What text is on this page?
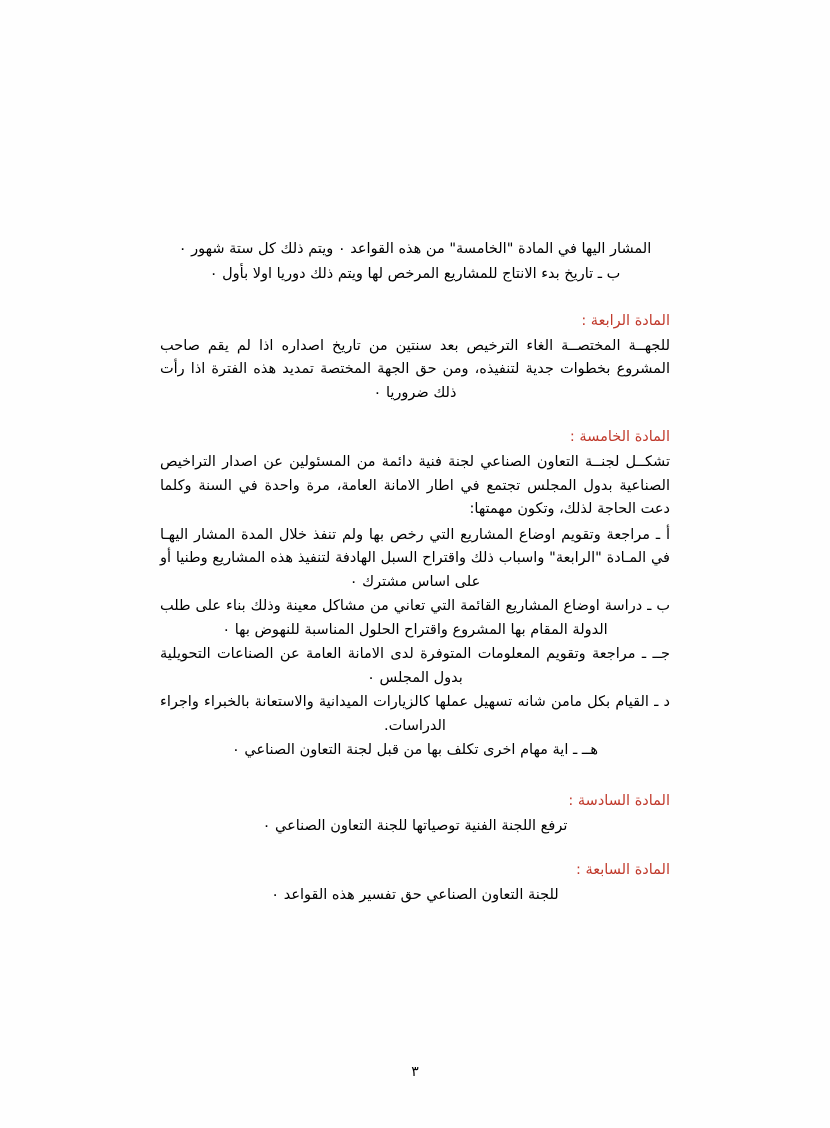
المشار اليها في المادة "الخامسة" من هذه القواعد ٠ ويتم ذلك كل ستة شهور ٠

ب ـ تاريخ بدء الانتاج للمشاريع المرخص لها ويتم ذلك دوريا اولا بأول ٠

المادة الرابعة :

للجهــة المختصــة الغاء الترخيص بعد سنتين من تاريخ اصداره اذا لم يقم صاحب المشروع بخطوات جدية لتنفيذه، ومن حق الجهة المختصة تمديد هذه الفترة اذا رأت ذلك ضروريا ٠

المادة الخامسة :

تشكــل لجنــة التعاون الصناعي لجنة فنية دائمة من المسئولين عن اصدار التراخيص الصناعية بدول المجلس تجتمع في اطار الامانة العامة، مرة واحدة في السنة وكلما دعت الحاجة لذلك، وتكون مهمتها:

أ ـ مراجعة وتقويم اوضاع المشاريع التي رخص بها ولم تنفذ خلال المدة المشار اليهـا في المـادة "الرابعة" واسباب ذلك واقتراح السبل الهادفة لتنفيذ هذه المشاريع وطنيا أو على اساس مشترك ٠

ب ـ دراسة اوضاع المشاريع القائمة التي تعاني من مشاكل معينة وذلك بناء على طلب الدولة المقام بها المشروع واقتراح الحلول المناسبة للنهوض بها ٠

جــ ـ مراجعة وتقويم المعلومات المتوفرة لدى الامانة العامة عن الصناعات التحويلية بدول المجلس ٠

د ـ القيام بكل مامن شانه تسهيل عملها كالزيارات الميدانية والاستعانة بالخبراء واجراء الدراسات.

هــ ـ اية مهام اخرى تكلف بها من قبل لجنة التعاون الصناعي ٠

المادة السادسة :

ترفع اللجنة الفنية توصياتها للجنة التعاون الصناعي ٠

المادة السابعة :

للجنة التعاون الصناعي حق تفسير هذه القواعد ٠

٣
